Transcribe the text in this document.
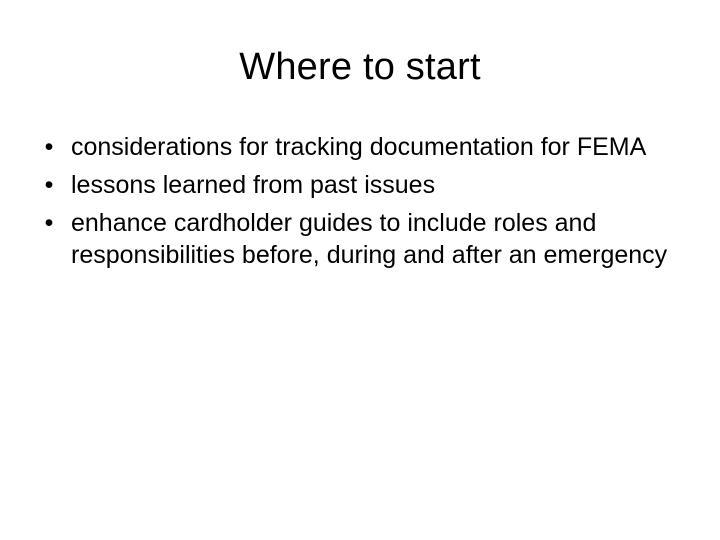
Where to start
• considerations for tracking documentation for FEMA
• lessons learned from past issues
• enhance cardholder guides to include roles and responsibilities before, during and after an emergency
